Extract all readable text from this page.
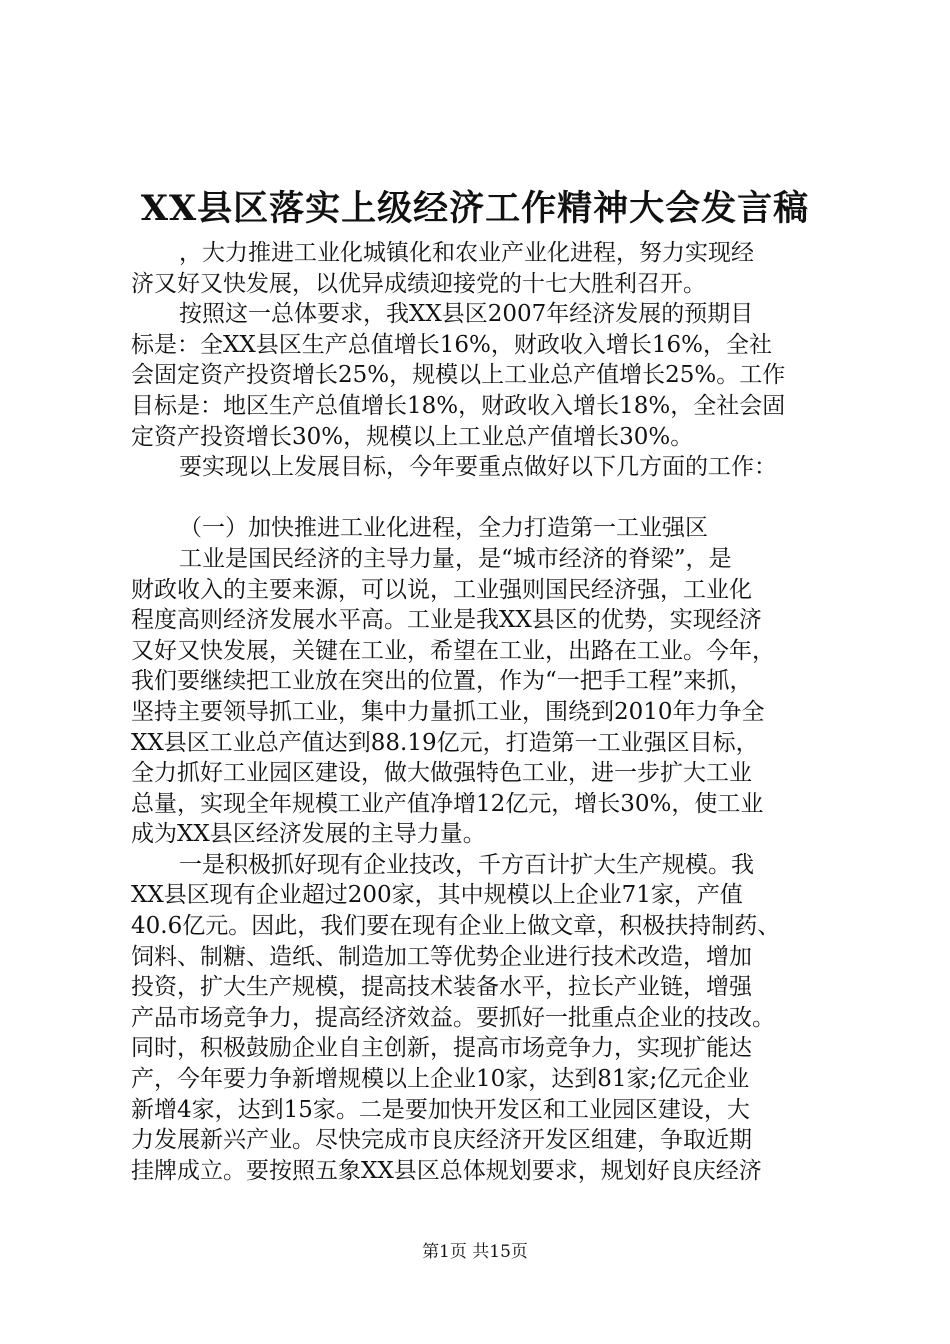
XX县区落实上级经济工作精神大会发言稿
，大力推进工业化城镇化和农业产业化进程，努力实现经
济又好又快发展，以优异成绩迎接党的十七大胜利召开。
按照这一总体要求，我XX县区2007年经济发展的预期目
标是：全XX县区生产总值增长16%，财政收入增长16%，全社
会固定资产投资增长25%，规模以上工业总产值增长25%。工作
目标是：地区生产总值增长18%，财政收入增长18%，全社会固
定资产投资增长30%，规模以上工业总产值增长30%。
要实现以上发展目标，今年要重点做好以下几方面的工作：
（一）加快推进工业化进程，全力打造第一工业强区
工业是国民经济的主导力量，是“城市经济的脊梁”，是
财政收入的主要来源，可以说，工业强则国民经济强，工业化
程度高则经济发展水平高。工业是我XX县区的优势，实现经济
又好又快发展，关键在工业，希望在工业，出路在工业。今年，
我们要继续把工业放在突出的位置，作为“一把手工程”来抓，
坚持主要领导抓工业，集中力量抓工业，围绕到2010年力争全
XX县区工业总产值达到88.19亿元，打造第一工业强区目标，
全力抓好工业园区建设，做大做强特色工业，进一步扩大工业
总量，实现全年规模工业产值净增12亿元，增长30%，使工业
成为XX县区经济发展的主导力量。
一是积极抓好现有企业技改，千方百计扩大生产规模。我
XX县区现有企业超过200家，其中规模以上企业71家，产值
40.6亿元。因此，我们要在现有企业上做文章，积极扶持制药、
饲料、制糖、造纸、制造加工等优势企业进行技术改造，增加
投资，扩大生产规模，提高技术装备水平，拉长产业链，增强
产品市场竞争力，提高经济效益。要抓好一批重点企业的技改。
同时，积极鼓励企业自主创新，提高市场竞争力，实现扩能达
产，今年要力争新增规模以上企业10家，达到81家;亿元企业
新增4家，达到15家。二是要加快开发区和工业园区建设，大
力发展新兴产业。尽快完成市良庆经济开发区组建，争取近期
挂牌成立。要按照五象XX县区总体规划要求，规划好良庆经济
第1页 共15页
